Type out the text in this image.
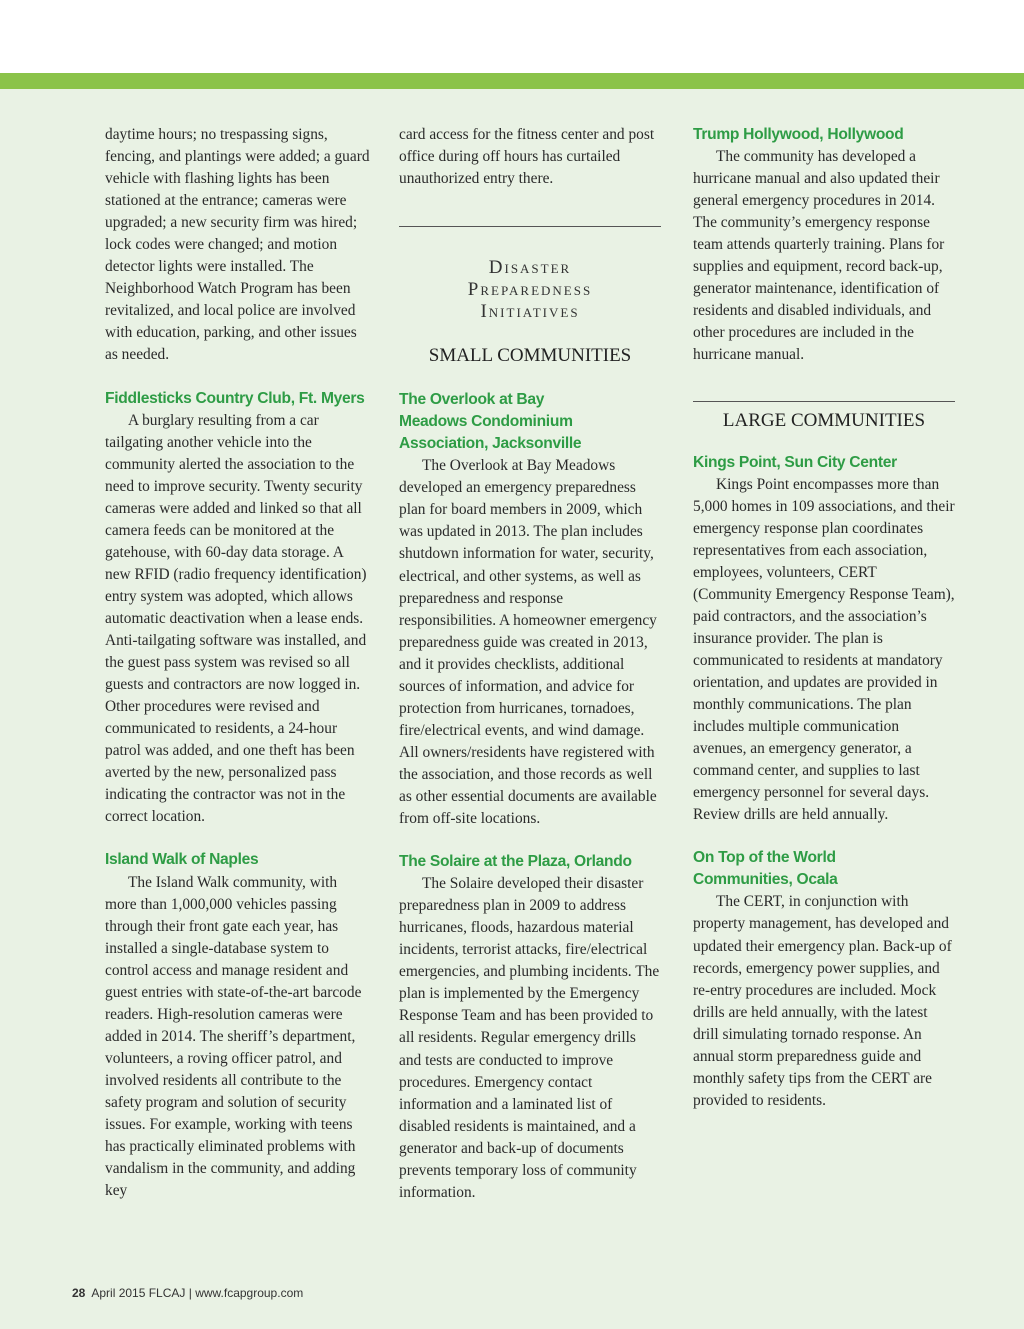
daytime hours; no trespassing signs, fencing, and plantings were added; a guard vehicle with flashing lights has been stationed at the entrance; cameras were upgraded; a new security firm was hired; lock codes were changed; and motion detector lights were installed. The Neighborhood Watch Program has been revitalized, and local police are involved with education, parking, and other issues as needed.

Fiddlesticks Country Club, Ft. Myers

A burglary resulting from a car tailgating another vehicle into the community alerted the association to the need to improve security. Twenty security cameras were added and linked so that all camera feeds can be monitored at the gatehouse, with 60-day data storage. A new RFID (radio frequency identification) entry system was adopted, which allows automatic deactivation when a lease ends. Anti-tailgating software was installed, and the guest pass system was revised so all guests and contractors are now logged in. Other procedures were revised and communicated to residents, a 24-hour patrol was added, and one theft has been averted by the new, personalized pass indicating the contractor was not in the correct location.

Island Walk of Naples

The Island Walk community, with more than 1,000,000 vehicles passing through their front gate each year, has installed a single-database system to control access and manage resident and guest entries with state-of-the-art barcode readers. High-resolution cameras were added in 2014. The sheriff’s department, volunteers, a roving officer patrol, and involved residents all contribute to the safety program and solution of security issues. For example, working with teens has practically eliminated problems with vandalism in the community, and adding key

card access for the fitness center and post office during off hours has curtailed unauthorized entry there.

Disaster
Preparedness
Initiatives
SMALL COMMUNITIES
The Overlook at Bay
Meadows Condominium
Association, Jacksonville

The Overlook at Bay Meadows developed an emergency preparedness plan for board members in 2009, which was updated in 2013. The plan includes shutdown information for water, security, electrical, and other systems, as well as preparedness and response responsibilities. A homeowner emergency preparedness guide was created in 2013, and it provides checklists, additional sources of information, and advice for protection from hurricanes, tornadoes, fire/electrical events, and wind damage. All owners/residents have registered with the association, and those records as well as other essential documents are available from off-site locations.

The Solaire at the Plaza, Orlando

The Solaire developed their disaster preparedness plan in 2009 to address hurricanes, floods, hazardous material incidents, terrorist attacks, fire/electrical emergencies, and plumbing incidents. The plan is implemented by the Emergency Response Team and has been provided to all residents. Regular emergency drills and tests are conducted to improve procedures. Emergency contact information and a laminated list of disabled residents is maintained, and a generator and back-up of documents prevents temporary loss of community information.

Trump Hollywood, Hollywood

The community has developed a hurricane manual and also updated their general emergency procedures in 2014. The community’s emergency response team attends quarterly training. Plans for supplies and equipment, record back-up, generator maintenance, identification of residents and disabled individuals, and other procedures are included in the hurricane manual.

LARGE COMMUNITIES
Kings Point, Sun City Center

Kings Point encompasses more than 5,000 homes in 109 associations, and their emergency response plan coordinates representatives from each association, employees, volunteers, CERT (Community Emergency Response Team), paid contractors, and the association’s insurance provider. The plan is communicated to residents at mandatory orientation, and updates are provided in monthly communications. The plan includes multiple communication avenues, an emergency generator, a command center, and supplies to last emergency personnel for several days. Review drills are held annually.

On Top of the World
Communities, Ocala

The CERT, in conjunction with property management, has developed and updated their emergency plan. Back-up of records, emergency power supplies, and re-entry procedures are included. Mock drills are held annually, with the latest drill simulating tornado response. An annual storm preparedness guide and monthly safety tips from the CERT are provided to residents.

28 April 2015 FLCAJ | www.fcapgroup.com
